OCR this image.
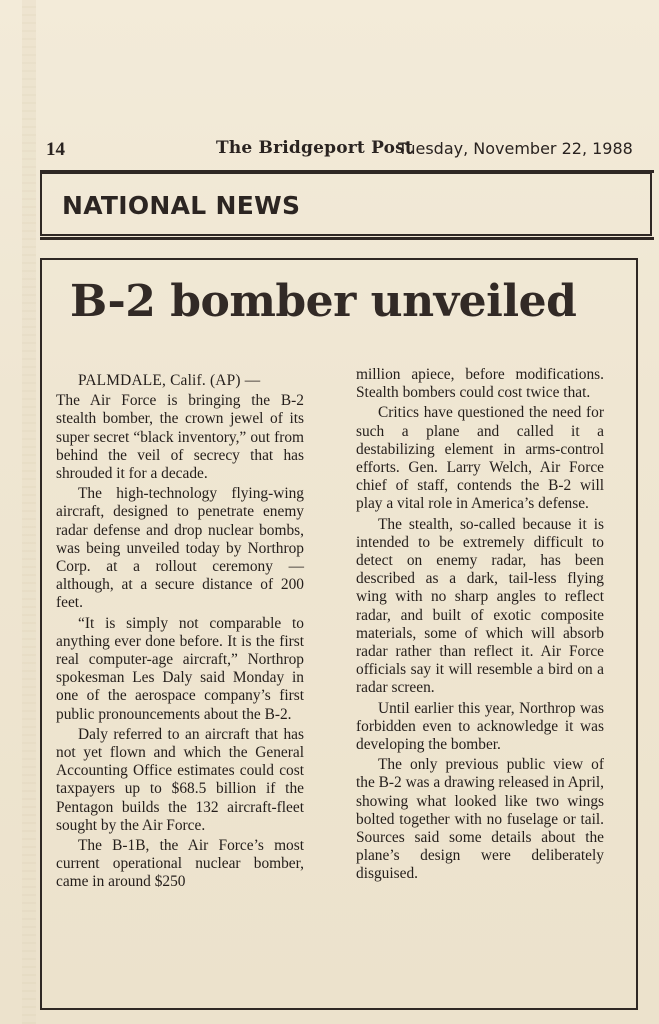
14	The Bridgeport Post
Tuesday, November 22, 1988
NATIONAL NEWS
B-2 bomber unveiled

PALMDALE, Calif. (AP) —

The Air Force is bringing the B-2 stealth bomber, the crown jewel of its super secret “black inventory,” out from behind the veil of secrecy that has shrouded it for a decade.

The high-technology flying-wing aircraft, designed to penetrate enemy radar defense and drop nuclear bombs, was being unveiled today by Northrop Corp. at a rollout ceremony — although, at a secure distance of 200 feet.

“It is simply not comparable to anything ever done before. It is the first real computer-age aircraft,” Northrop spokesman Les Daly said Monday in one of the aerospace company’s first public pronouncements about the B-2.

Daly referred to an aircraft that has not yet flown and which the General Accounting Office estimates could cost taxpayers up to $68.5 billion if the Pentagon builds the 132 aircraft-fleet sought by the Air Force.

The B-1B, the Air Force’s most current operational nuclear bomber, came in around $250

million apiece, before modifications. Stealth bombers could cost twice that.

Critics have questioned the need for such a plane and called it a destabilizing element in arms-control efforts. Gen. Larry Welch, Air Force chief of staff, contends the B-2 will play a vital role in America’s defense.

The stealth, so-called because it is intended to be extremely difficult to detect on enemy radar, has been described as a dark, tail-less flying wing with no sharp angles to reflect radar, and built of exotic composite materials, some of which will absorb radar rather than reflect it. Air Force officials say it will resemble a bird on a radar screen.

Until earlier this year, Northrop was forbidden even to acknowledge it was developing the bomber.

The only previous public view of the B-2 was a drawing released in April, showing what looked like two wings bolted together with no fuselage or tail. Sources said some details about the plane’s design were deliberately disguised.
